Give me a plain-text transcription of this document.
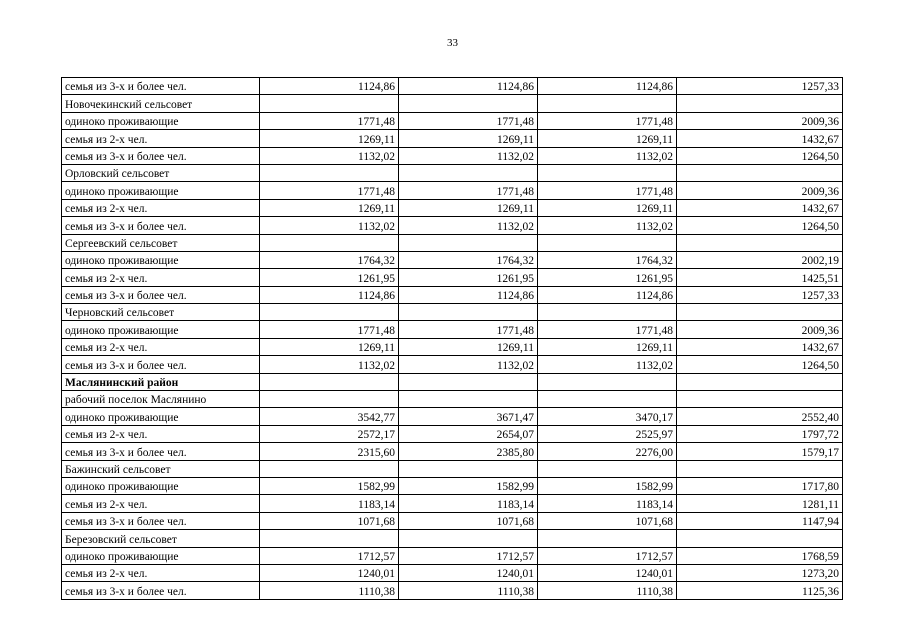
33
семья из 3-х и более чел.	1124,86	1124,86	1124,86	1257,33
Новочекинский сельсовет				
одиноко проживающие	1771,48	1771,48	1771,48	2009,36
семья из 2-х чел.	1269,11	1269,11	1269,11	1432,67
семья из 3-х и более чел.	1132,02	1132,02	1132,02	1264,50
Орловский сельсовет				
одиноко проживающие	1771,48	1771,48	1771,48	2009,36
семья из 2-х чел.	1269,11	1269,11	1269,11	1432,67
семья из 3-х и более чел.	1132,02	1132,02	1132,02	1264,50
Сергеевский сельсовет				
одиноко проживающие	1764,32	1764,32	1764,32	2002,19
семья из 2-х чел.	1261,95	1261,95	1261,95	1425,51
семья из 3-х и более чел.	1124,86	1124,86	1124,86	1257,33
Черновский сельсовет				
одиноко проживающие	1771,48	1771,48	1771,48	2009,36
семья из 2-х чел.	1269,11	1269,11	1269,11	1432,67
семья из 3-х и более чел.	1132,02	1132,02	1132,02	1264,50
Маслянинский район				
рабочий поселок Маслянино				
одиноко проживающие	3542,77	3671,47	3470,17	2552,40
семья из 2-х чел.	2572,17	2654,07	2525,97	1797,72
семья из 3-х и более чел.	2315,60	2385,80	2276,00	1579,17
Бажинский сельсовет				
одиноко проживающие	1582,99	1582,99	1582,99	1717,80
семья из 2-х чел.	1183,14	1183,14	1183,14	1281,11
семья из 3-х и более чел.	1071,68	1071,68	1071,68	1147,94
Березовский сельсовет				
одиноко проживающие	1712,57	1712,57	1712,57	1768,59
семья из 2-х чел.	1240,01	1240,01	1240,01	1273,20
семья из 3-х и более чел.	1110,38	1110,38	1110,38	1125,36
